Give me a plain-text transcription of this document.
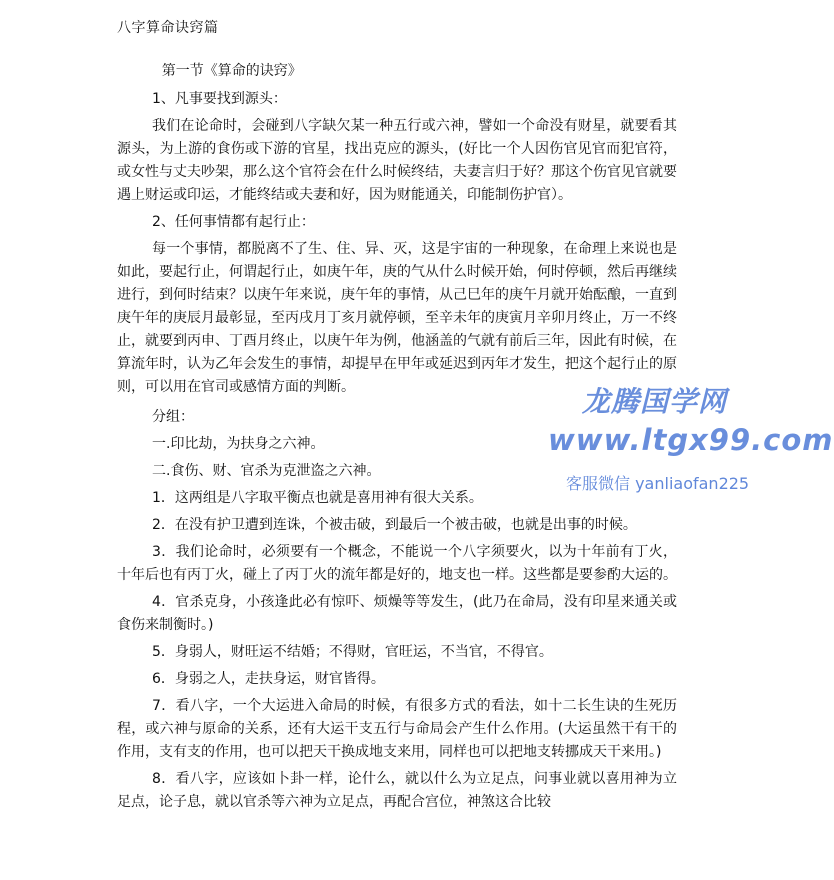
八字算命诀窍篇

第一节《算命的诀窍》

1、凡事要找到源头：

我们在论命时，会碰到八字缺欠某一种五行或六神，譬如一个命没有财星，就要看其源头，为上游的食伤或下游的官星，找出克应的源头，(好比一个人因伤官见官而犯官符，或女性与丈夫吵架，那么这个官符会在什么时候终结，夫妻言归于好？那这个伤官见官就要遇上财运或印运，才能终结或夫妻和好，因为财能通关，印能制伤护官）。

2、任何事情都有起行止：

每一个事情，都脱离不了生、住、异、灭，这是宇宙的一种现象，在命理上来说也是如此，要起行止，何谓起行止，如庚午年，庚的气从什么时候开始，何时停顿，然后再继续进行，到何时结束？以庚午年来说，庚午年的事情，从己巳年的庚午月就开始酝酿，一直到庚午年的庚辰月最彰显，至丙戌月丁亥月就停顿，至辛未年的庚寅月辛卯月终止，万一不终止，就要到丙申、丁酉月终止，以庚午年为例，他涵盖的气就有前后三年，因此有时候，在算流年时，认为乙年会发生的事情，却提早在甲年或延迟到丙年才发生，把这个起行止的原则，可以用在官司或感情方面的判断。

分组：

一.印比劫，为扶身之六神。

二.食伤、财、官杀为克泄盗之六神。

1．这两组是八字取平衡点也就是喜用神有很大关系。

2．在没有护卫遭到连诛，个被击破，到最后一个被击破，也就是出事的时候。

3．我们论命时，必须要有一个概念，不能说一个八字须要火，以为十年前有丁火，十年后也有丙丁火，碰上了丙丁火的流年都是好的，地支也一样。这些都是要参酌大运的。

4．官杀克身，小孩逢此必有惊吓、烦燥等等发生，(此乃在命局，没有印星来通关或食伤来制衡时。)

5．身弱人，财旺运不结婚；不得财，官旺运，不当官，不得官。

6．身弱之人，走扶身运，财官皆得。

7．看八字，一个大运进入命局的时候，有很多方式的看法，如十二长生诀的生死历程，或六神与原命的关系，还有大运干支五行与命局会产生什么作用。(大运虽然干有干的作用，支有支的作用，也可以把天干换成地支来用，同样也可以把地支转挪成天干来用。)

8．看八字，应该如卜卦一样，论什么，就以什么为立足点，问事业就以喜用神为立足点，论子息，就以官杀等六神为立足点，再配合宫位，神煞这合比较

龙腾国学网
www.ltgx99.com
客服微信 yanliaofan225
